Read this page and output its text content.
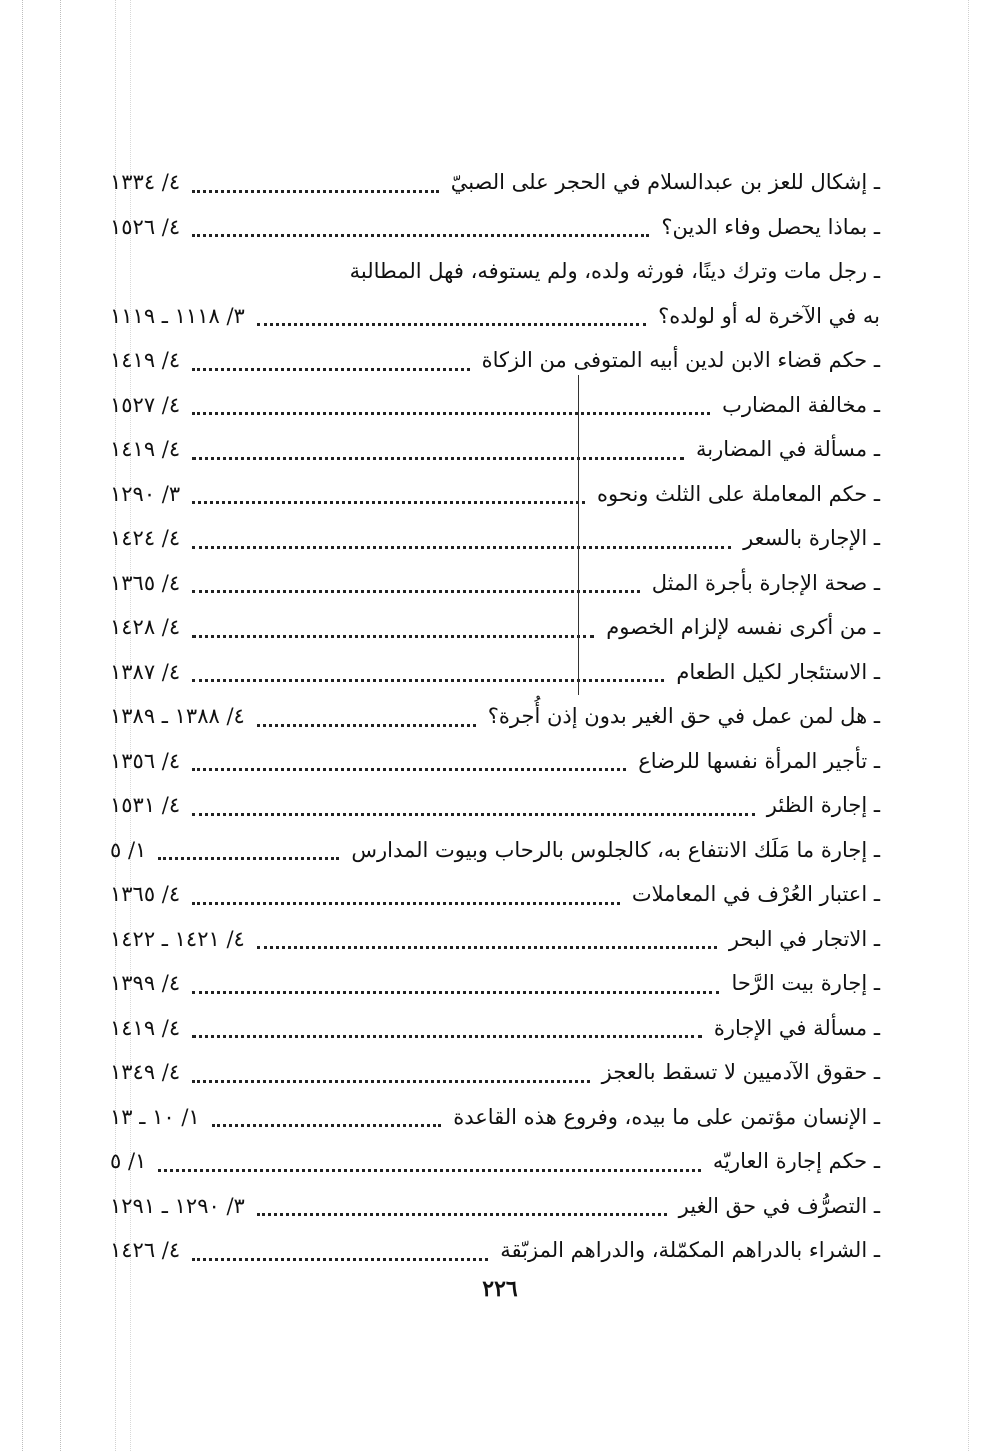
ـ إشكال للعز بن عبدالسلام في الحجر على الصبيّ
٤/ ١٣٣٤
ـ بماذا يحصل وفاء الدين؟
٤/ ١٥٢٦
ـ رجل مات وترك دينًا، فورثه ولده، ولم يستوفه، فهل المطالبة
به في الآخرة له أو لولده؟
٣/ ١١١٨ ـ ١١١٩
ـ حكم قضاء الابن لدين أبيه المتوفى من الزكاة
٤/ ١٤١٩
ـ مخالفة المضارب
٤/ ١٥٢٧
ـ مسألة في المضاربة
٤/ ١٤١٩
ـ حكم المعاملة على الثلث ونحوه
٣/ ١٢٩٠
ـ الإجارة بالسعر
٤/ ١٤٢٤
ـ صحة الإجارة بأجرة المثل
٤/ ١٣٦٥
ـ من أكرى نفسه لإلزام الخصوم
٤/ ١٤٢٨
ـ الاستئجار لكيل الطعام
٤/ ١٣٨٧
ـ هل لمن عمل في حق الغير بدون إذن أُجرة؟
٤/ ١٣٨٨ ـ ١٣٨٩
ـ تأجير المرأة نفسها للرضاع
٤/ ١٣٥٦
ـ إجارة الظئر
٤/ ١٥٣١
ـ إجارة ما مَلَك الانتفاع به، كالجلوس بالرحاب وبيوت المدارس
١/ ٥
ـ اعتبار العُرْف في المعاملات
٤/ ١٣٦٥
ـ الاتجار في البحر
٤/ ١٤٢١ ـ ١٤٢٢
ـ إجارة بيت الرَّحا
٤/ ١٣٩٩
ـ مسألة في الإجارة
٤/ ١٤١٩
ـ حقوق الآدميين لا تسقط بالعجز
٤/ ١٣٤٩
ـ الإنسان مؤتمن على ما بيده، وفروع هذه القاعدة
١/ ١٠ ـ ١٣
ـ حكم إجارة العاريّه
١/ ٥
ـ التصرُّف في حق الغير
٣/ ١٢٩٠ ـ ١٢٩١
ـ الشراء بالدراهم المكمّلة، والدراهم المزبّقة
٤/ ١٤٢٦
٢٢٦
